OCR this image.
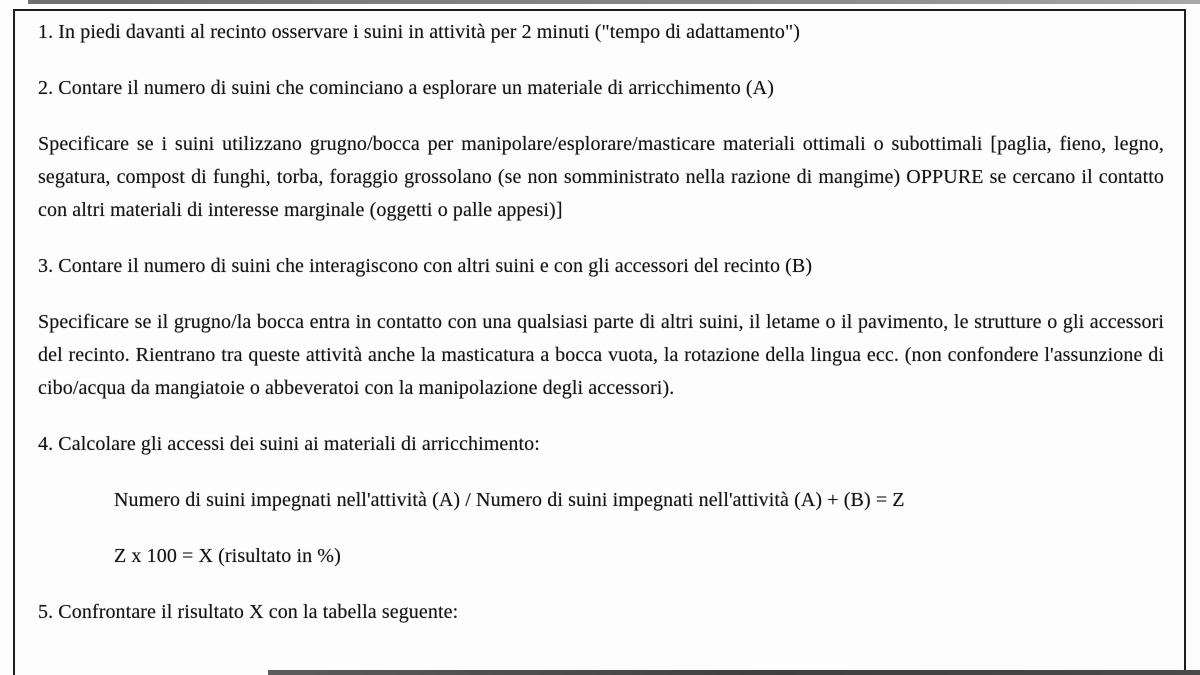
1. In piedi davanti al recinto osservare i suini in attività per 2 minuti ("tempo di adattamento")

2. Contare il numero di suini che cominciano a esplorare un materiale di arricchimento (A)

Specificare se i suini utilizzano grugno/bocca per manipolare/esplorare/masticare materiali ottimali o subottimali [paglia, fieno, legno, segatura, compost di funghi, torba, foraggio grossolano (se non somministrato nella razione di mangime) OPPURE se cercano il contatto con altri materiali di interesse marginale (oggetti o palle appesi)]

3. Contare il numero di suini che interagiscono con altri suini e con gli accessori del recinto (B)

Specificare se il grugno/la bocca entra in contatto con una qualsiasi parte di altri suini, il letame o il pavimento, le strutture o gli accessori del recinto. Rientrano tra queste attività anche la masticatura a bocca vuota, la rotazione della lingua ecc. (non confondere l'assunzione di cibo/acqua da mangiatoie o abbeveratoi con la manipolazione degli accessori).

4. Calcolare gli accessi dei suini ai materiali di arricchimento:

Numero di suini impegnati nell'attività (A) / Numero di suini impegnati nell'attività (A) + (B) = Z

Z x 100 = X (risultato in %)

5. Confrontare il risultato X con la tabella seguente:
